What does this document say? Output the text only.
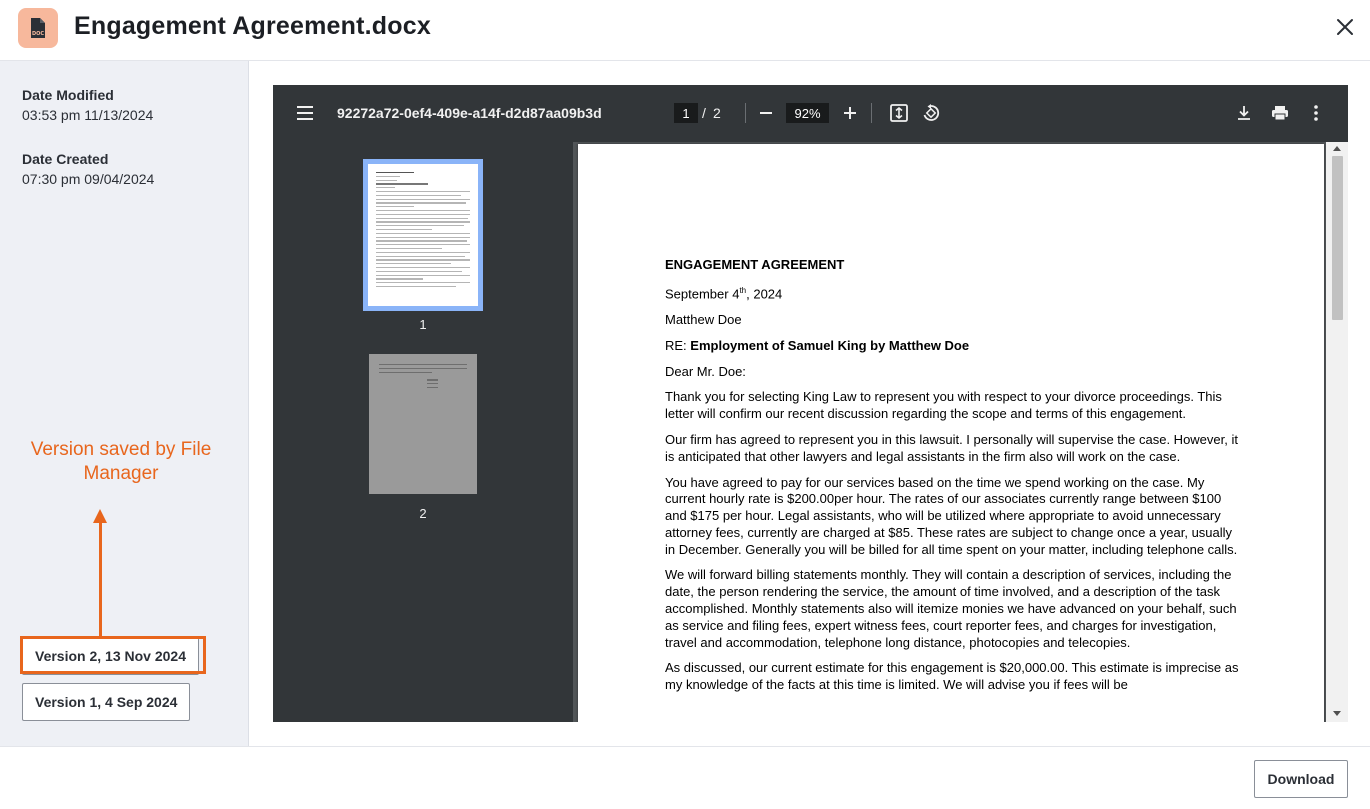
DOC Engagement Agreement.docx
Date Modified
03:53 pm 11/13/2024
Date Created
07:30 pm 09/04/2024
Version saved by File Manager
Version 2, 13 Nov 2024
Version 1, 4 Sep 2024
92272a72-0ef4-409e-a14f-d2d87aa09b3d	1 / 2	92%
1
2

ENGAGEMENT AGREEMENT

September 4th, 2024

Matthew Doe

RE: Employment of Samuel King by Matthew Doe

Dear Mr. Doe:

Thank you for selecting King Law to represent you with respect to your divorce proceedings. This letter will confirm our recent discussion regarding the scope and terms of this engagement.

Our firm has agreed to represent you in this lawsuit. I personally will supervise the case. However, it is anticipated that other lawyers and legal assistants in the firm also will work on the case.

You have agreed to pay for our services based on the time we spend working on the case. My current hourly rate is $200.00per hour. The rates of our associates currently range between $100 and $175 per hour. Legal assistants, who will be utilized where appropriate to avoid unnecessary attorney fees, currently are charged at $85. These rates are subject to change once a year, usually in December. Generally you will be billed for all time spent on your matter, including telephone calls.

We will forward billing statements monthly. They will contain a description of services, including the date, the person rendering the service, the amount of time involved, and a description of the task accomplished. Monthly statements also will itemize monies we have advanced on your behalf, such as service and filing fees, expert witness fees, court reporter fees, and charges for investigation, travel and accommodation, telephone long distance, photocopies and telecopies.

As discussed, our current estimate for this engagement is $20,000.00. This estimate is imprecise as my knowledge of the facts at this time is limited. We will advise you if fees will be

Download
